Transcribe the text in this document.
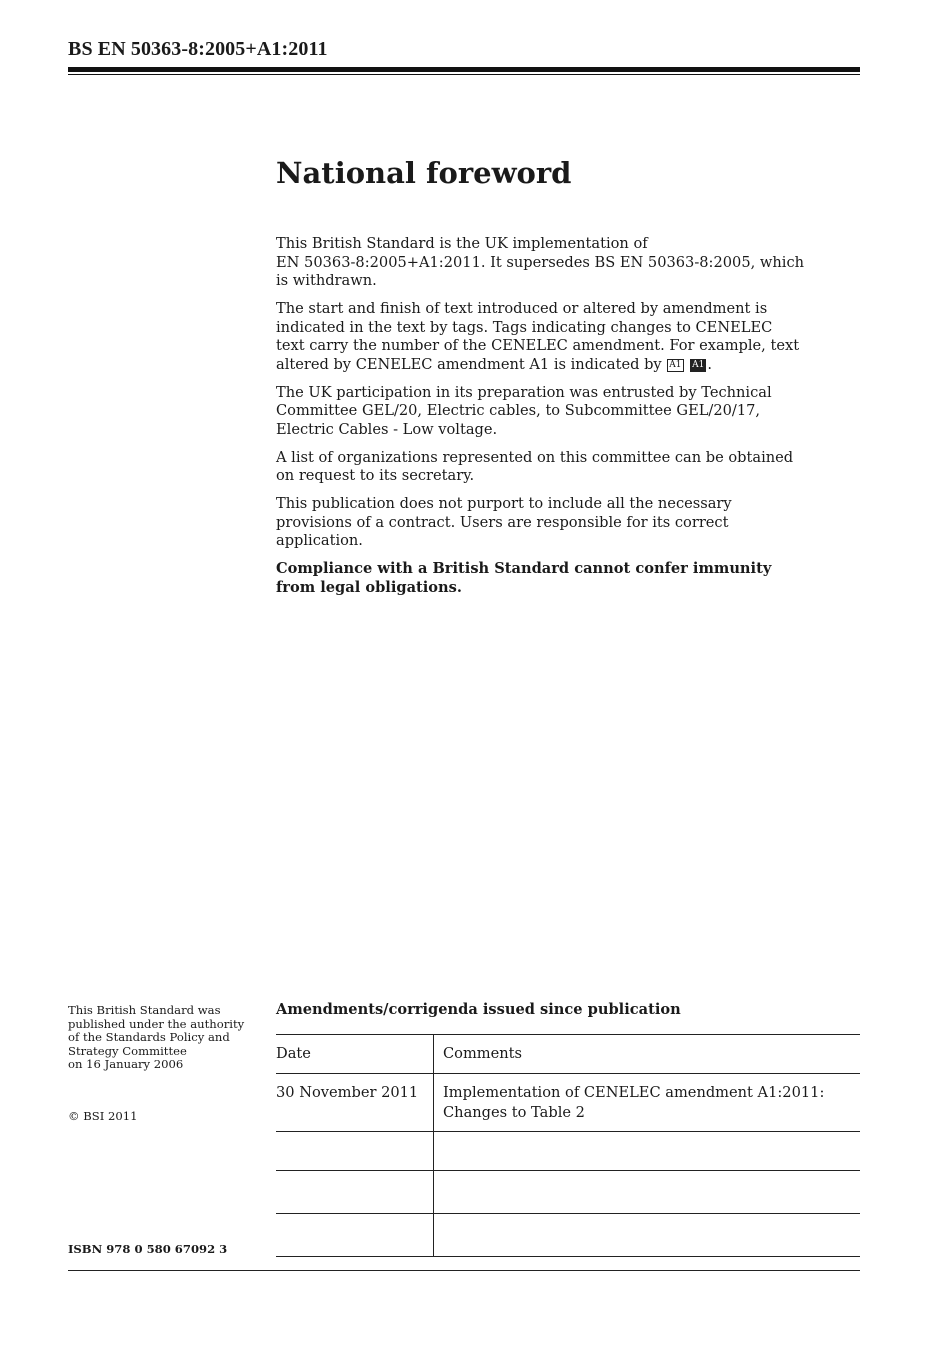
BS EN 50363-8:2005+A1:2011
National foreword

This British Standard is the UK implementation of
EN 50363-8:2005+A1:2011. It supersedes BS EN 50363-8:2005, which
is withdrawn.

The start and finish of text introduced or altered by amendment is
indicated in the text by tags. Tags indicating changes to CENELEC
text carry the number of the CENELEC amendment. For example, text
altered by CENELEC amendment A1 is indicated by A1 A1 .

The UK participation in its preparation was entrusted by Technical
Committee GEL/20, Electric cables, to Subcommittee GEL/20/17,
Electric Cables - Low voltage.

A list of organizations represented on this committee can be obtained
on request to its secretary.

This publication does not purport to include all the necessary
provisions of a contract. Users are responsible for its correct
application.

Compliance with a British Standard cannot confer immunity
from legal obligations.

This British Standard was
published under the authority
of the Standards Policy and
Strategy Committee
on 16 January 2006
© BSI 2011
ISBN 978 0 580 67092 3
Amendments/corrigenda issued since publication
Date	Comments
30 November 2011	Implementation of CENELEC amendment A1:2011:
Changes to Table 2
